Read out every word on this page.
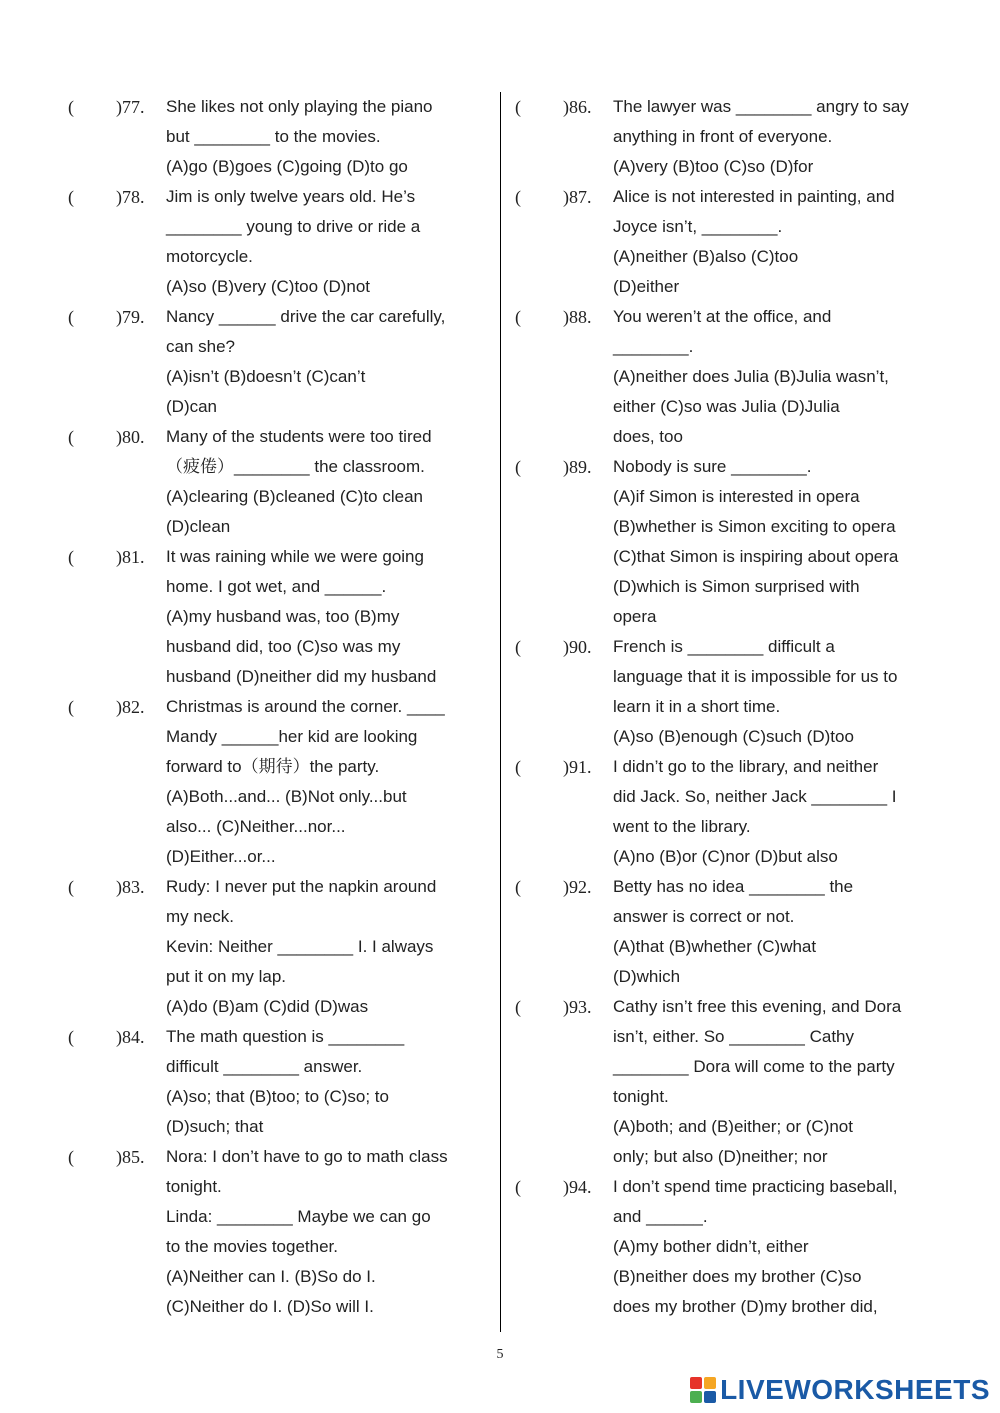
( )77. She likes not only playing the piano
but ________ to the movies.
(A)go (B)goes (C)going (D)to go
( )78. Jim is only twelve years old. He’s
________ young to drive or ride a
motorcycle.
(A)so (B)very (C)too (D)not
( )79. Nancy ______ drive the car carefully,
can she?
(A)isn’t (B)doesn’t (C)can’t
(D)can
( )80. Many of the students were too tired
（疲倦）________ the classroom.
(A)clearing (B)cleaned (C)to clean
(D)clean
( )81. It was raining while we were going
home. I got wet, and ______.
(A)my husband was, too (B)my
husband did, too (C)so was my
husband (D)neither did my husband
( )82. Christmas is around the corner. ____
Mandy ______her kid are looking
forward to（期待）the party.
(A)Both...and... (B)Not only...but
also... (C)Neither...nor...
(D)Either...or...
( )83. Rudy: I never put the napkin around
my neck.
Kevin: Neither ________ I. I always
put it on my lap.
(A)do (B)am (C)did (D)was
( )84. The math question is ________
difficult ________ answer.
(A)so; that (B)too; to (C)so; to
(D)such; that
( )85. Nora: I don’t have to go to math class
tonight.
Linda: ________ Maybe we can go
to the movies together.
(A)Neither can I. (B)So do I.
(C)Neither do I. (D)So will I.
( )86. The lawyer was ________ angry to say
anything in front of everyone.
(A)very (B)too (C)so (D)for
( )87. Alice is not interested in painting, and
Joyce isn’t, ________.
(A)neither (B)also (C)too
(D)either
( )88. You weren’t at the office, and
________.
(A)neither does Julia (B)Julia wasn’t,
either (C)so was Julia (D)Julia
does, too
( )89. Nobody is sure ________.
(A)if Simon is interested in opera
(B)whether is Simon exciting to opera
(C)that Simon is inspiring about opera
(D)which is Simon surprised with
opera
( )90. French is ________ difficult a
language that it is impossible for us to
learn it in a short time.
(A)so (B)enough (C)such (D)too
( )91. I didn’t go to the library, and neither
did Jack. So, neither Jack ________ I
went to the library.
(A)no (B)or (C)nor (D)but also
( )92. Betty has no idea ________ the
answer is correct or not.
(A)that (B)whether (C)what
(D)which
( )93. Cathy isn’t free this evening, and Dora
isn’t, either. So ________ Cathy
________ Dora will come to the party
tonight.
(A)both; and (B)either; or (C)not
only; but also (D)neither; nor
( )94. I don’t spend time practicing baseball,
and ______.
(A)my bother didn’t, either
(B)neither does my brother (C)so
does my brother (D)my brother did,
5
LIVEWORKSHEETS
